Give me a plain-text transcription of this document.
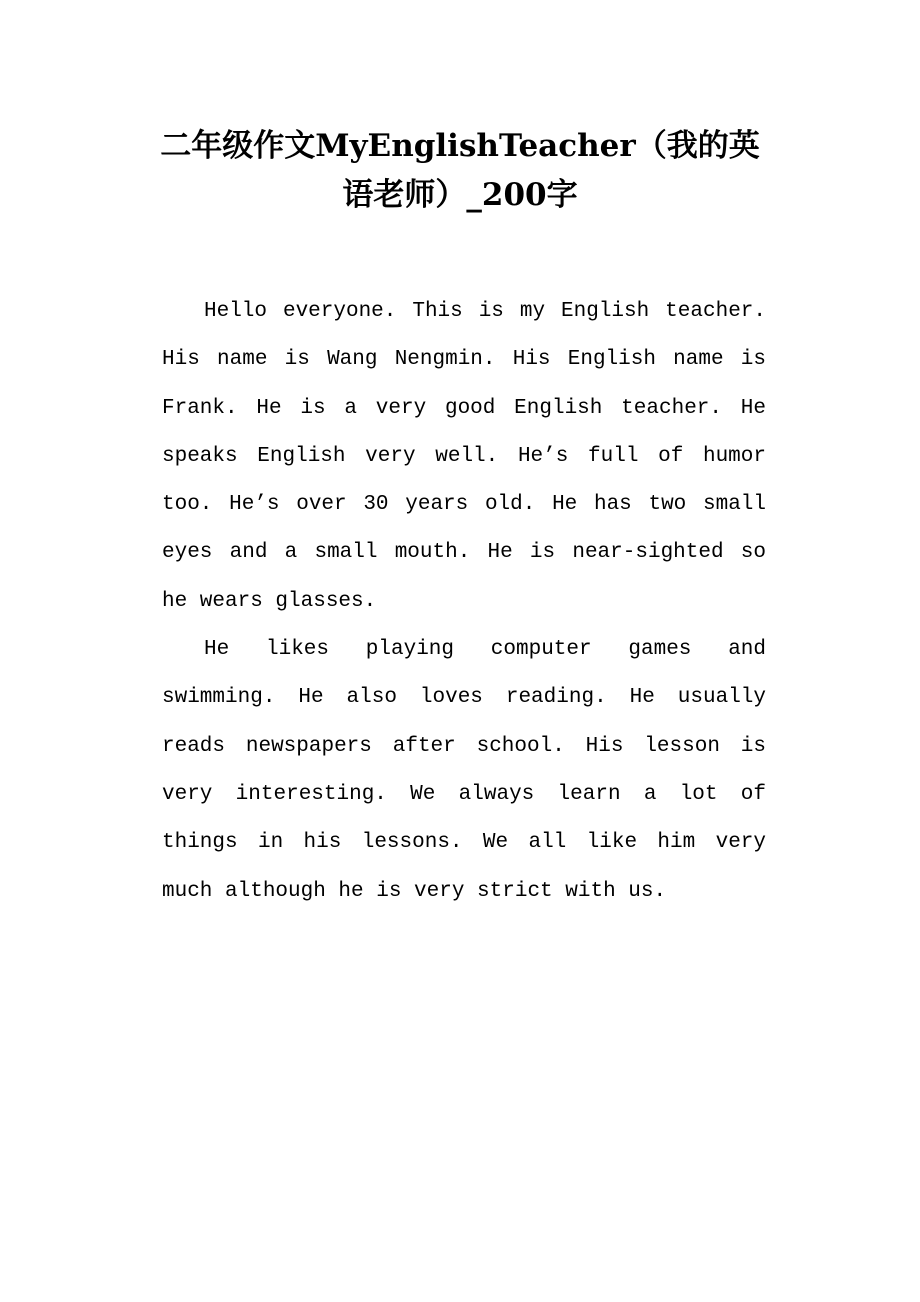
二年级作文MyEnglishTeacher（我的英语老师）_200字

Hello everyone. This is my English teacher. His name is Wang Nengmin. His English name is Frank. He is a very good English teacher. He speaks English very well. He’s full of humor too. He’s over 30 years old. He has two small eyes and a small mouth. He is near-sighted so he wears glasses.

He likes playing computer games and swimming. He also loves reading. He usually reads newspapers after school. His lesson is very interesting. We always learn a lot of things in his lessons. We all like him very much although he is very strict with us.
